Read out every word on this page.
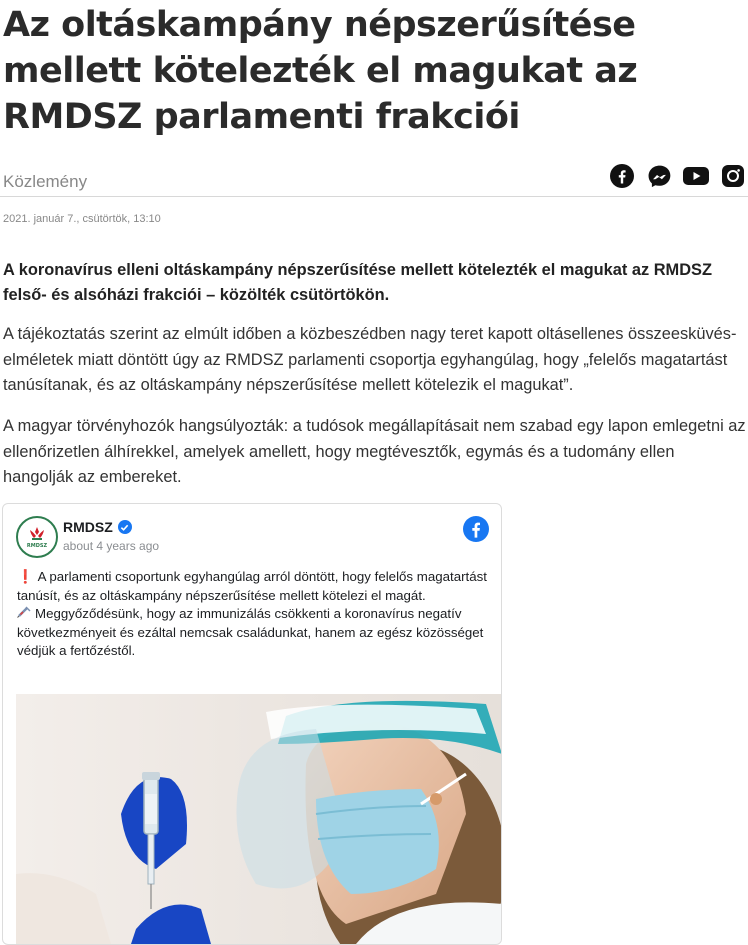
Az oltáskampány népszerűsítése mellett kötelezték el magukat az RMDSZ parlamenti frakciói
Közlemény
2021. január 7., csütörtök, 13:10

A koronavírus elleni oltáskampány népszerűsítése mellett kötelezték el magukat az RMDSZ felső- és alsóházi frakciói – közölték csütörtökön.

A tájékoztatás szerint az elmúlt időben a közbeszédben nagy teret kapott oltásellenes összeesküvés-elméletek miatt döntött úgy az RMDSZ parlamenti csoportja egyhangúlag, hogy „felelős magatartást tanúsítanak, és az oltáskampány népszerűsítése mellett kötelezik el magukat”.

A magyar törvényhozók hangsúlyozták: a tudósok megállapításait nem szabad egy lapon emlegetni az ellenőrizetlen álhírekkel, amelyek amellett, hogy megtévesztők, egymás és a tudomány ellen hangolják az embereket.

RMDSZ
RMDSZ
about 4 years ago
❗ A parlamenti csoportunk egyhangúlag arról döntött, hogy felelős magatartást tanúsít, és az oltáskampány népszerűsítése mellett kötelezi el magát.
Meggyőződésünk, hogy az immunizálás csökkenti a koronavírus negatív következményeit és ezáltal nemcsak családunkat, hanem az egész közösséget védjük a fertőzéstől.
